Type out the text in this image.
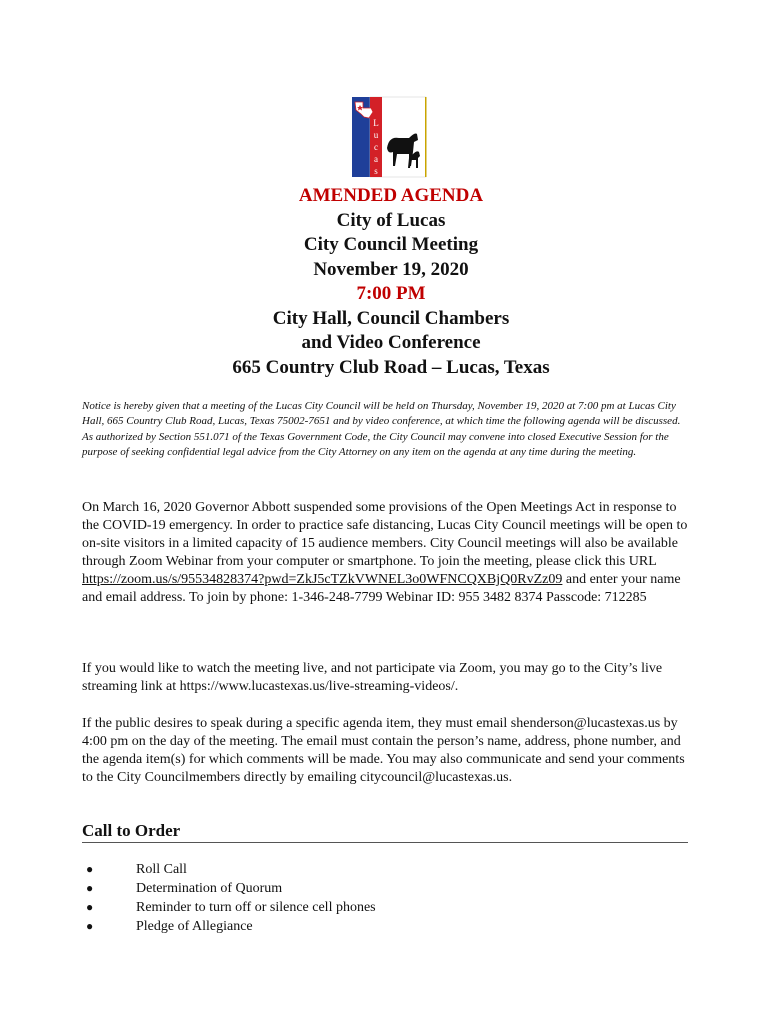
L
u
c
a
s
AMENDED AGENDA
City of Lucas
City Council Meeting
November 19, 2020
7:00 PM
City Hall, Council Chambers
and Video Conference
665 Country Club Road – Lucas, Texas
Notice is hereby given that a meeting of the Lucas City Council will be held on Thursday, November 19, 2020 at 7:00 pm at Lucas City Hall, 665 Country Club Road, Lucas, Texas 75002-7651 and by video conference, at which time the following agenda will be discussed. As authorized by Section 551.071 of the Texas Government Code, the City Council may convene into closed Executive Session for the purpose of seeking confidential legal advice from the City Attorney on any item on the agenda at any time during the meeting.
On March 16, 2020 Governor Abbott suspended some provisions of the Open Meetings Act in response to the COVID-19 emergency. In order to practice safe distancing, Lucas City Council meetings will be open to on-site visitors in a limited capacity of 15 audience members. City Council meetings will also be available through Zoom Webinar from your computer or smartphone. To join the meeting, please click this URL https://zoom.us/s/95534828374?pwd=ZkJ5cTZkVWNEL3o0WFNCQXBjQ0RvZz09 and enter your name and email address. To join by phone: 1-346-248-7799 Webinar ID: 955 3482 8374 Passcode: 712285
If you would like to watch the meeting live, and not participate via Zoom, you may go to the City’s live streaming link at https://www.lucastexas.us/live-streaming-videos/.
If the public desires to speak during a specific agenda item, they must email shenderson@lucastexas.us by 4:00 pm on the day of the meeting. The email must contain the person’s name, address, phone number, and the agenda item(s) for which comments will be made. You may also communicate and send your comments to the City Councilmembers directly by emailing citycouncil@lucastexas.us.
Call to Order
●	Roll Call
●	Determination of Quorum
●	Reminder to turn off or silence cell phones
●	Pledge of Allegiance
